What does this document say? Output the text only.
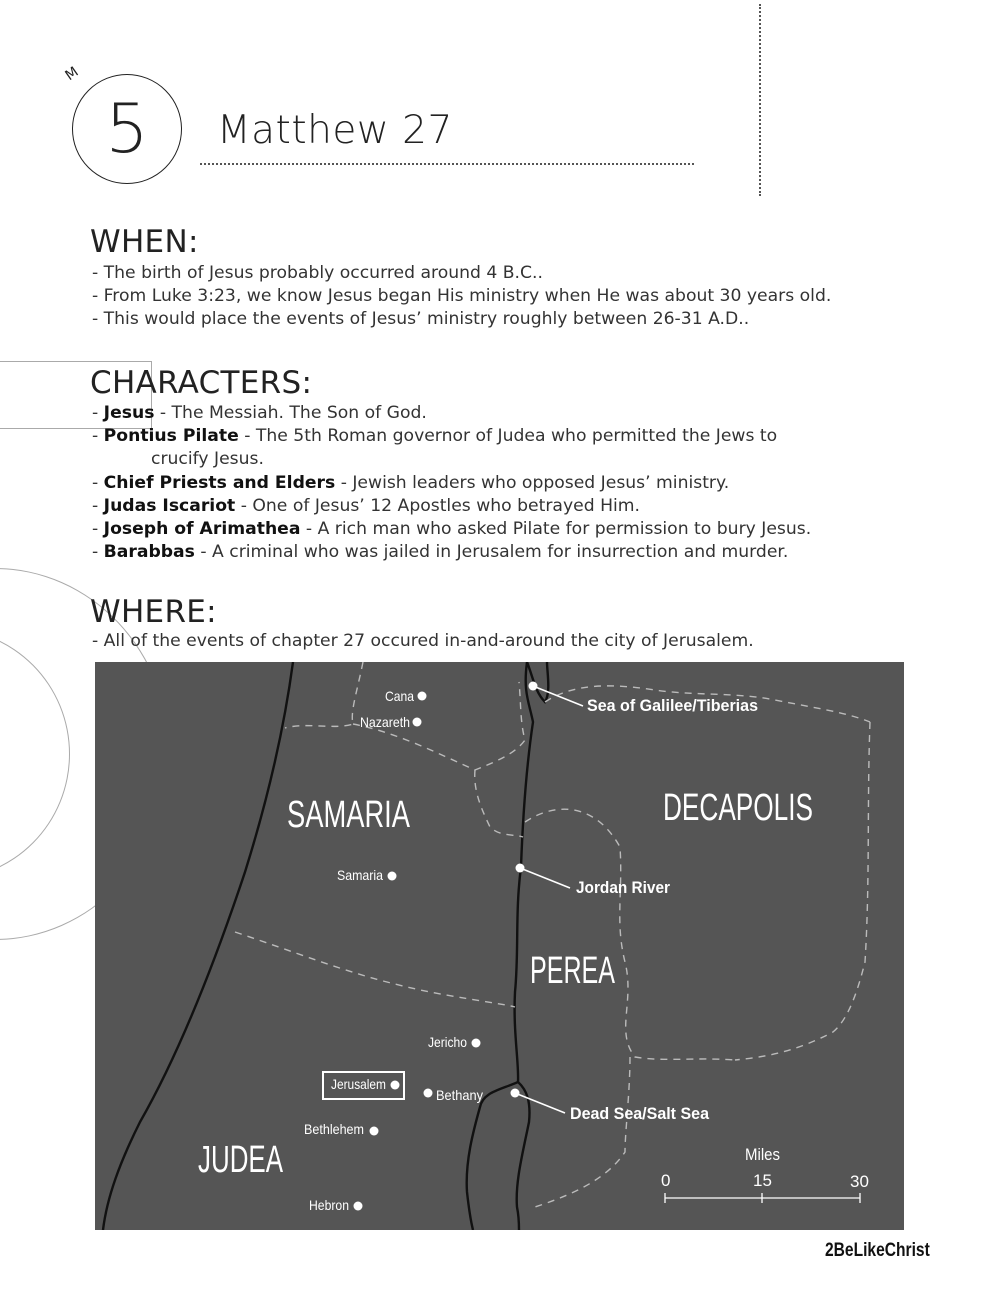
M
5 Matthew 27
WHEN:
- The birth of Jesus probably occurred around 4 B.C..
- From Luke 3:23, we know Jesus began His ministry when He was about 30 years old.
- This would place the events of Jesus’ ministry roughly between 26-31 A.D..
CHARACTERS:
- Jesus - The Messiah. The Son of God.
- Pontius Pilate - The 5th Roman governor of Judea who permitted the Jews to
crucify Jesus.
- Chief Priests and Elders - Jewish leaders who opposed Jesus’ ministry.
- Judas Iscariot - One of Jesus’ 12 Apostles who betrayed Him.
- Joseph of Arimathea - A rich man who asked Pilate for permission to bury Jesus.
- Barabbas - A criminal who was jailed in Jerusalem for insurrection and murder.
WHERE:
- All of the events of chapter 27 occured in-and-around the city of Jerusalem.
SAMARIA	DECAPOLIS
PEREA
JUDEA
Cana
Nazareth
Samaria
Jericho
Jerusalem
Bethany
Bethlehem
Hebron
Sea of Galilee/Tiberias
Jordan River
Dead Sea/Salt Sea
Miles
0	15	30
2BeLikeChrist
